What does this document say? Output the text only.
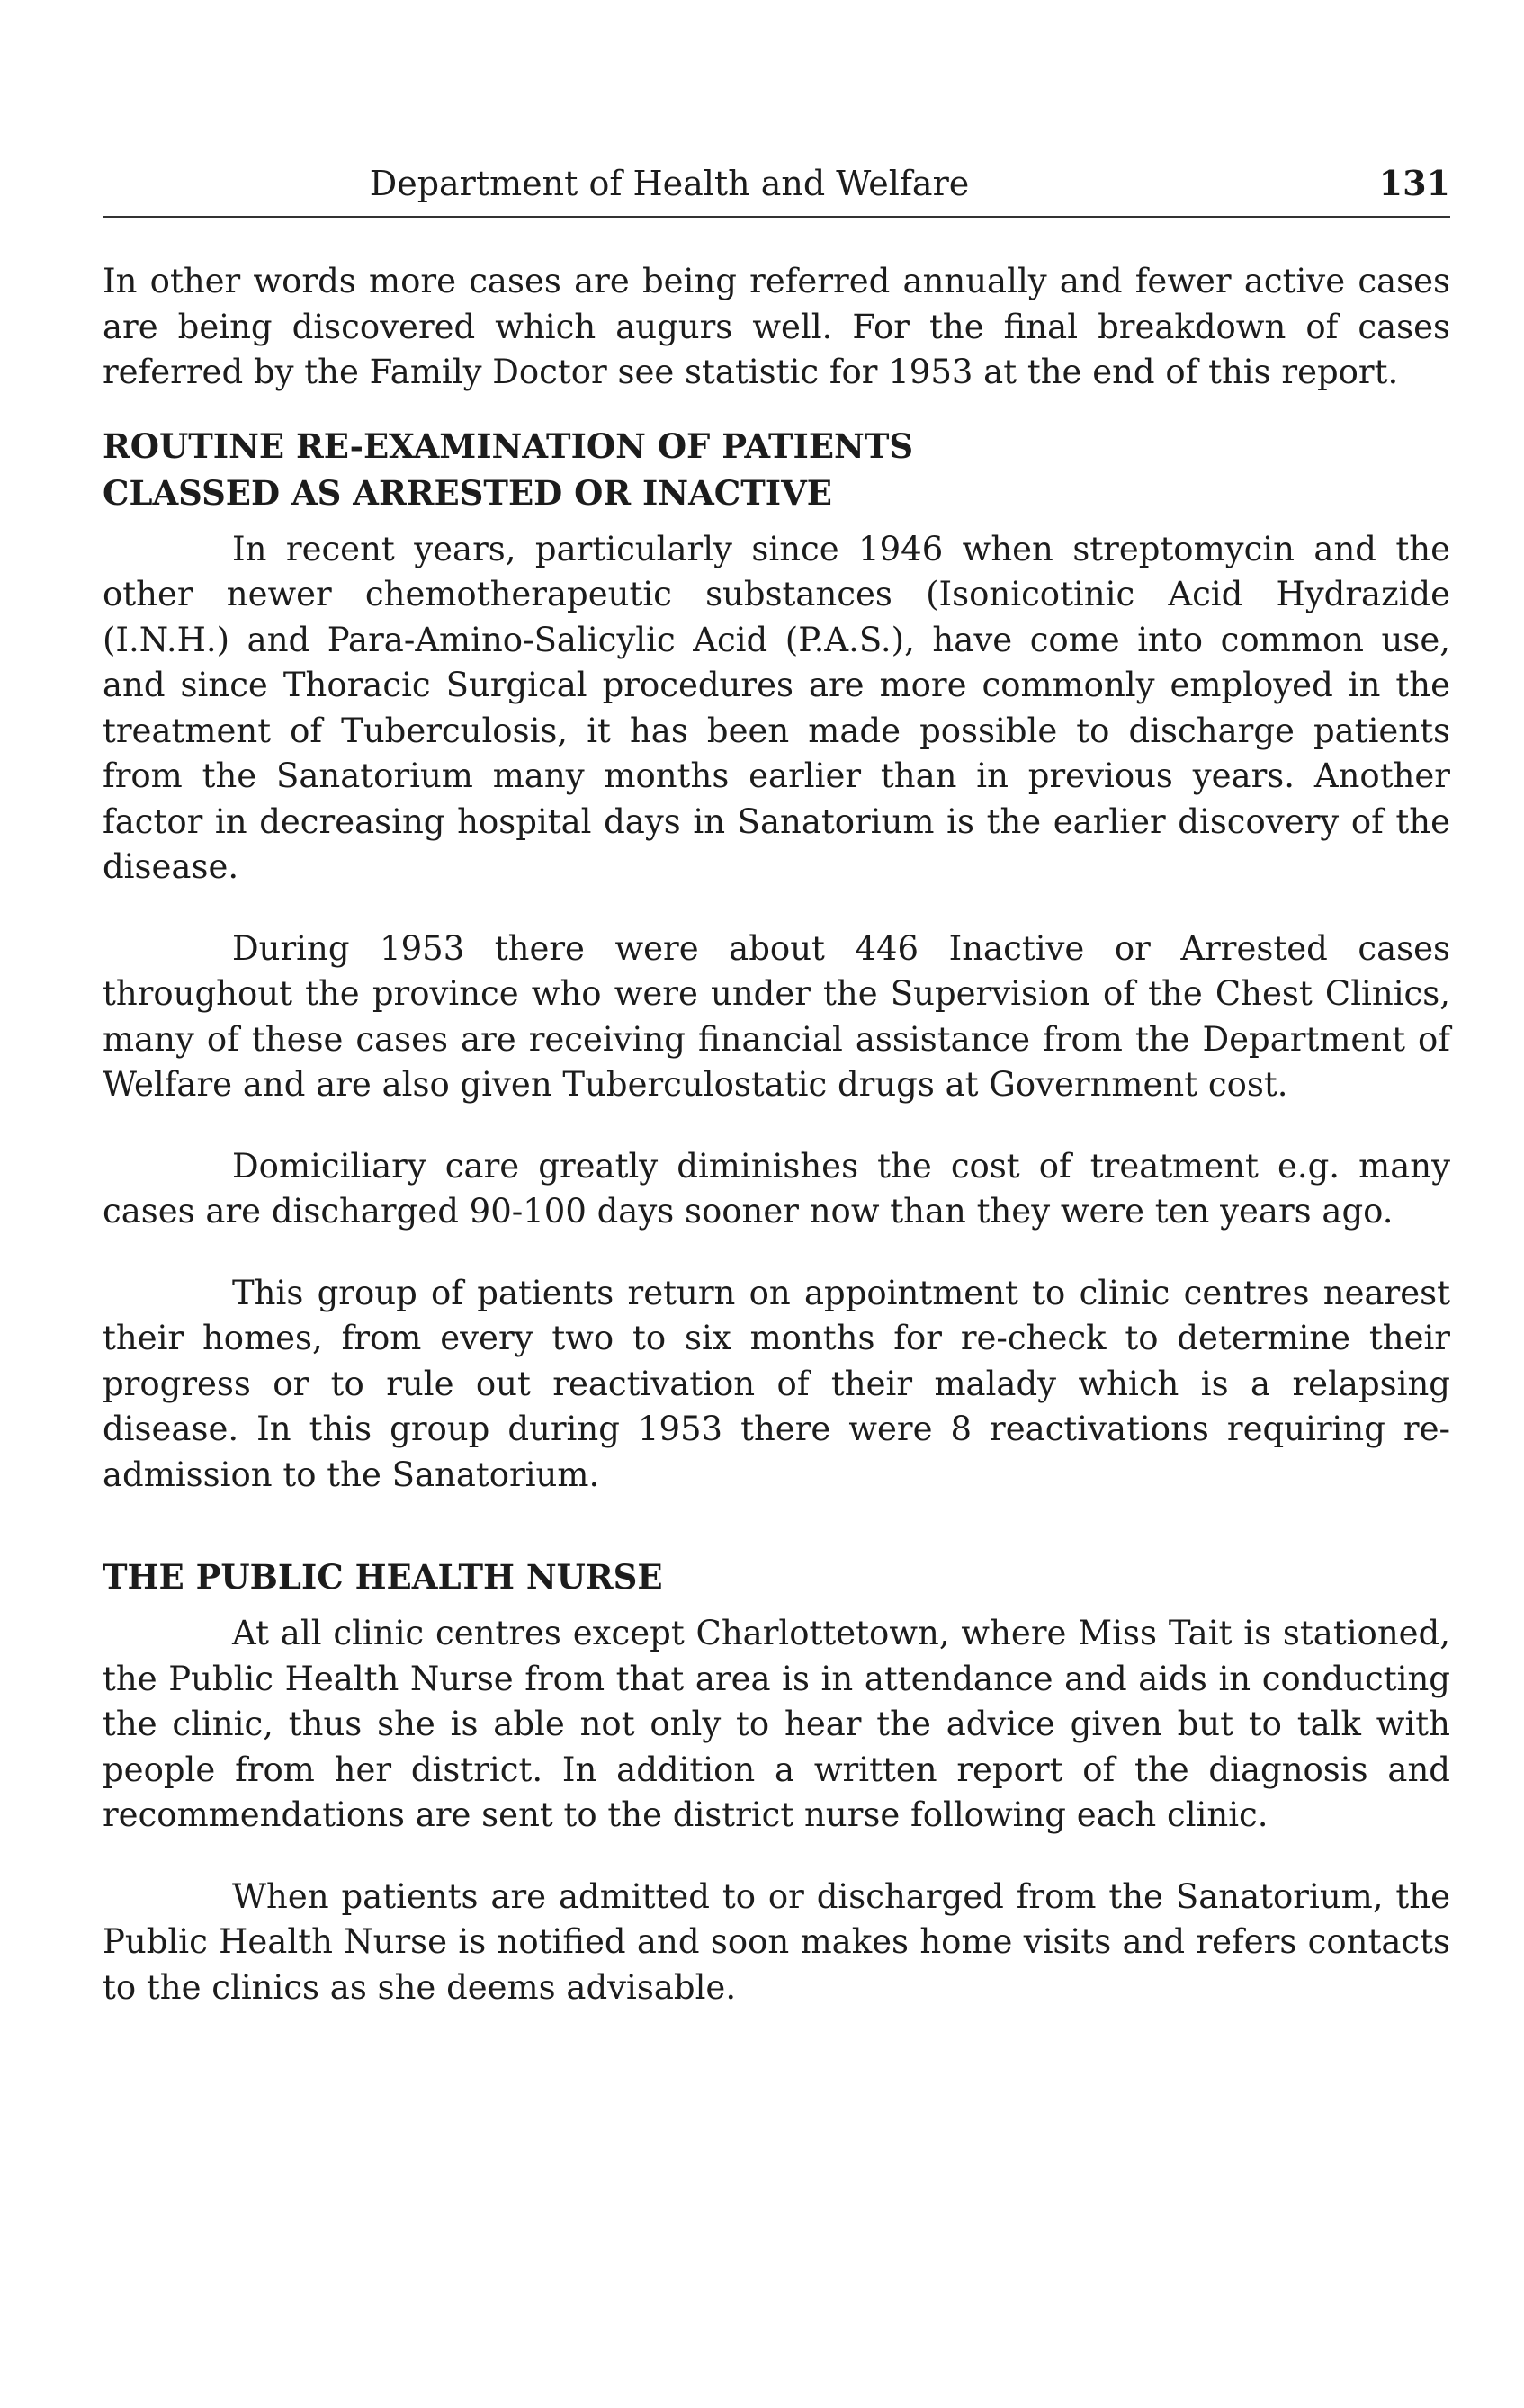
Department of Health and Welfare	131

In other words more cases are being referred annually and fewer active cases are being discovered which augurs well. For the final breakdown of cases referred by the Family Doctor see statistic for 1953 at the end of this report.

ROUTINE RE-EXAMINATION OF PATIENTS

CLASSED AS ARRESTED OR INACTIVE

In recent years, particularly since 1946 when streptomycin and the other newer chemotherapeutic substances (Isonicotinic Acid Hydrazide (I.N.H.) and Para-Amino-Salicylic Acid (P.A.S.), have come into common use, and since Thoracic Surgical procedures are more commonly employed in the treatment of Tuberculosis, it has been made possible to discharge patients from the Sanatorium many months earlier than in previous years. Another factor in decreasing hospital days in Sanatorium is the earlier discovery of the disease.

During 1953 there were about 446 Inactive or Arrested cases throughout the province who were under the Supervision of the Chest Clinics, many of these cases are receiving financial assistance from the Department of Welfare and are also given Tuberculostatic drugs at Government cost.

Domiciliary care greatly diminishes the cost of treatment e.g. many cases are discharged 90-100 days sooner now than they were ten years ago.

This group of patients return on appointment to clinic centres nearest their homes, from every two to six months for re-check to determine their progress or to rule out reactivation of their malady which is a relapsing disease. In this group during 1953 there were 8 reactivations requiring re-admission to the Sanatorium.

THE PUBLIC HEALTH NURSE

At all clinic centres except Charlottetown, where Miss Tait is stationed, the Public Health Nurse from that area is in attendance and aids in conducting the clinic, thus she is able not only to hear the advice given but to talk with people from her district. In addition a written report of the diagnosis and recommendations are sent to the district nurse following each clinic.

When patients are admitted to or discharged from the Sanatorium, the Public Health Nurse is notified and soon makes home visits and refers contacts to the clinics as she deems advisable.
